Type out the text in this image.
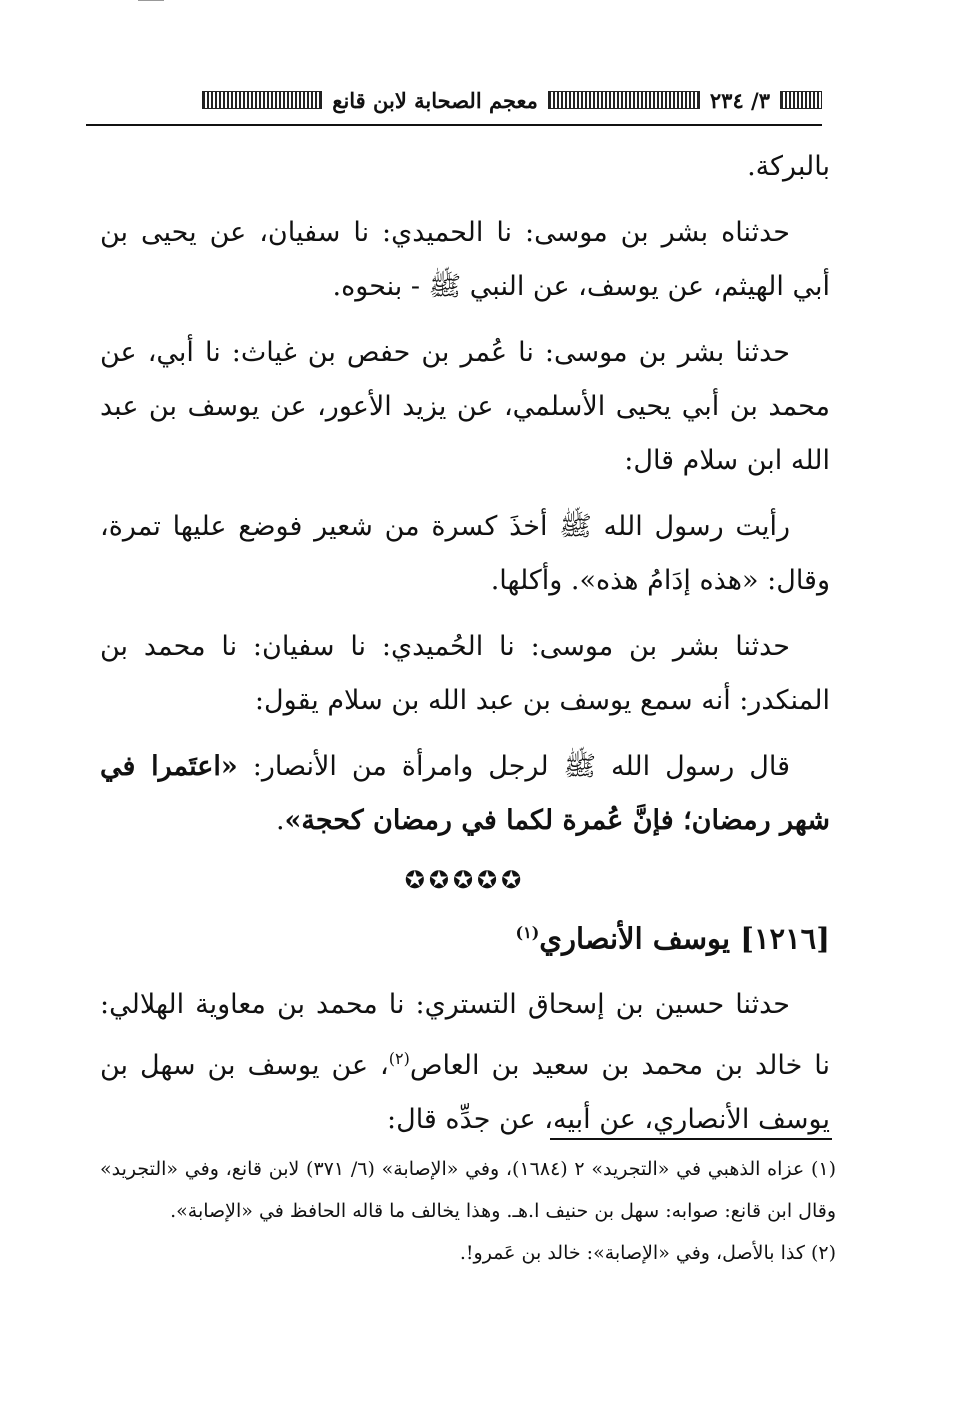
٣/ ٢٣٤
معجم الصحابة لابن قانع

بالبركة.

حدثناه بشر بن موسى: نا الحميدي: نا سفيان، عن يحيى بن أبي الهيثم، عن يوسف، عن النبي ﷺ - بنحوه.

حدثنا بشر بن موسى: نا عُمر بن حفص بن غياث: نا أبي، عن محمد بن أبي يحيى الأسلمي، عن يزيد الأعور، عن يوسف بن عبد الله ابن سلام قال:

رأيت رسول الله ﷺ أخذَ كسرة من شعير فوضع عليها تمرة، وقال: «هذه إدَامُ هذه». وأكلها.

حدثنا بشر بن موسى: نا الحُميدي: نا سفيان: نا محمد بن المنكدر: أنه سمع يوسف بن عبد الله بن سلام يقول:

قال رسول الله ﷺ لرجل وامرأة من الأنصار: «اعتَمرا في شهر رمضان؛ فإنَّ عُمرة لكما في رمضان كحجة».

✪✪✪✪✪

[١٢١٦] يوسف الأنصاري$^{(١)}$

حدثنا حسين بن إسحاق التستري: نا محمد بن معاوية الهلالي: نا خالد بن محمد بن سعيد بن العاص$^{(٢)}$، عن يوسف بن سهل بن يوسف الأنصاري، عن أبيه، عن جدِّه قال:

(١) عزاه الذهبي في «التجريد» ٢ (١٦٨٤)، وفي «الإصابة» (٦/ ٣٧١) لابن قانع، وفي «التجريد» وقال ابن قانع: صوابه: سهل بن حنيف ا.هـ. وهذا يخالف ما قاله الحافظ في «الإصابة».

(٢) كذا بالأصل، وفي «الإصابة»: خالد بن عَمرو!.
